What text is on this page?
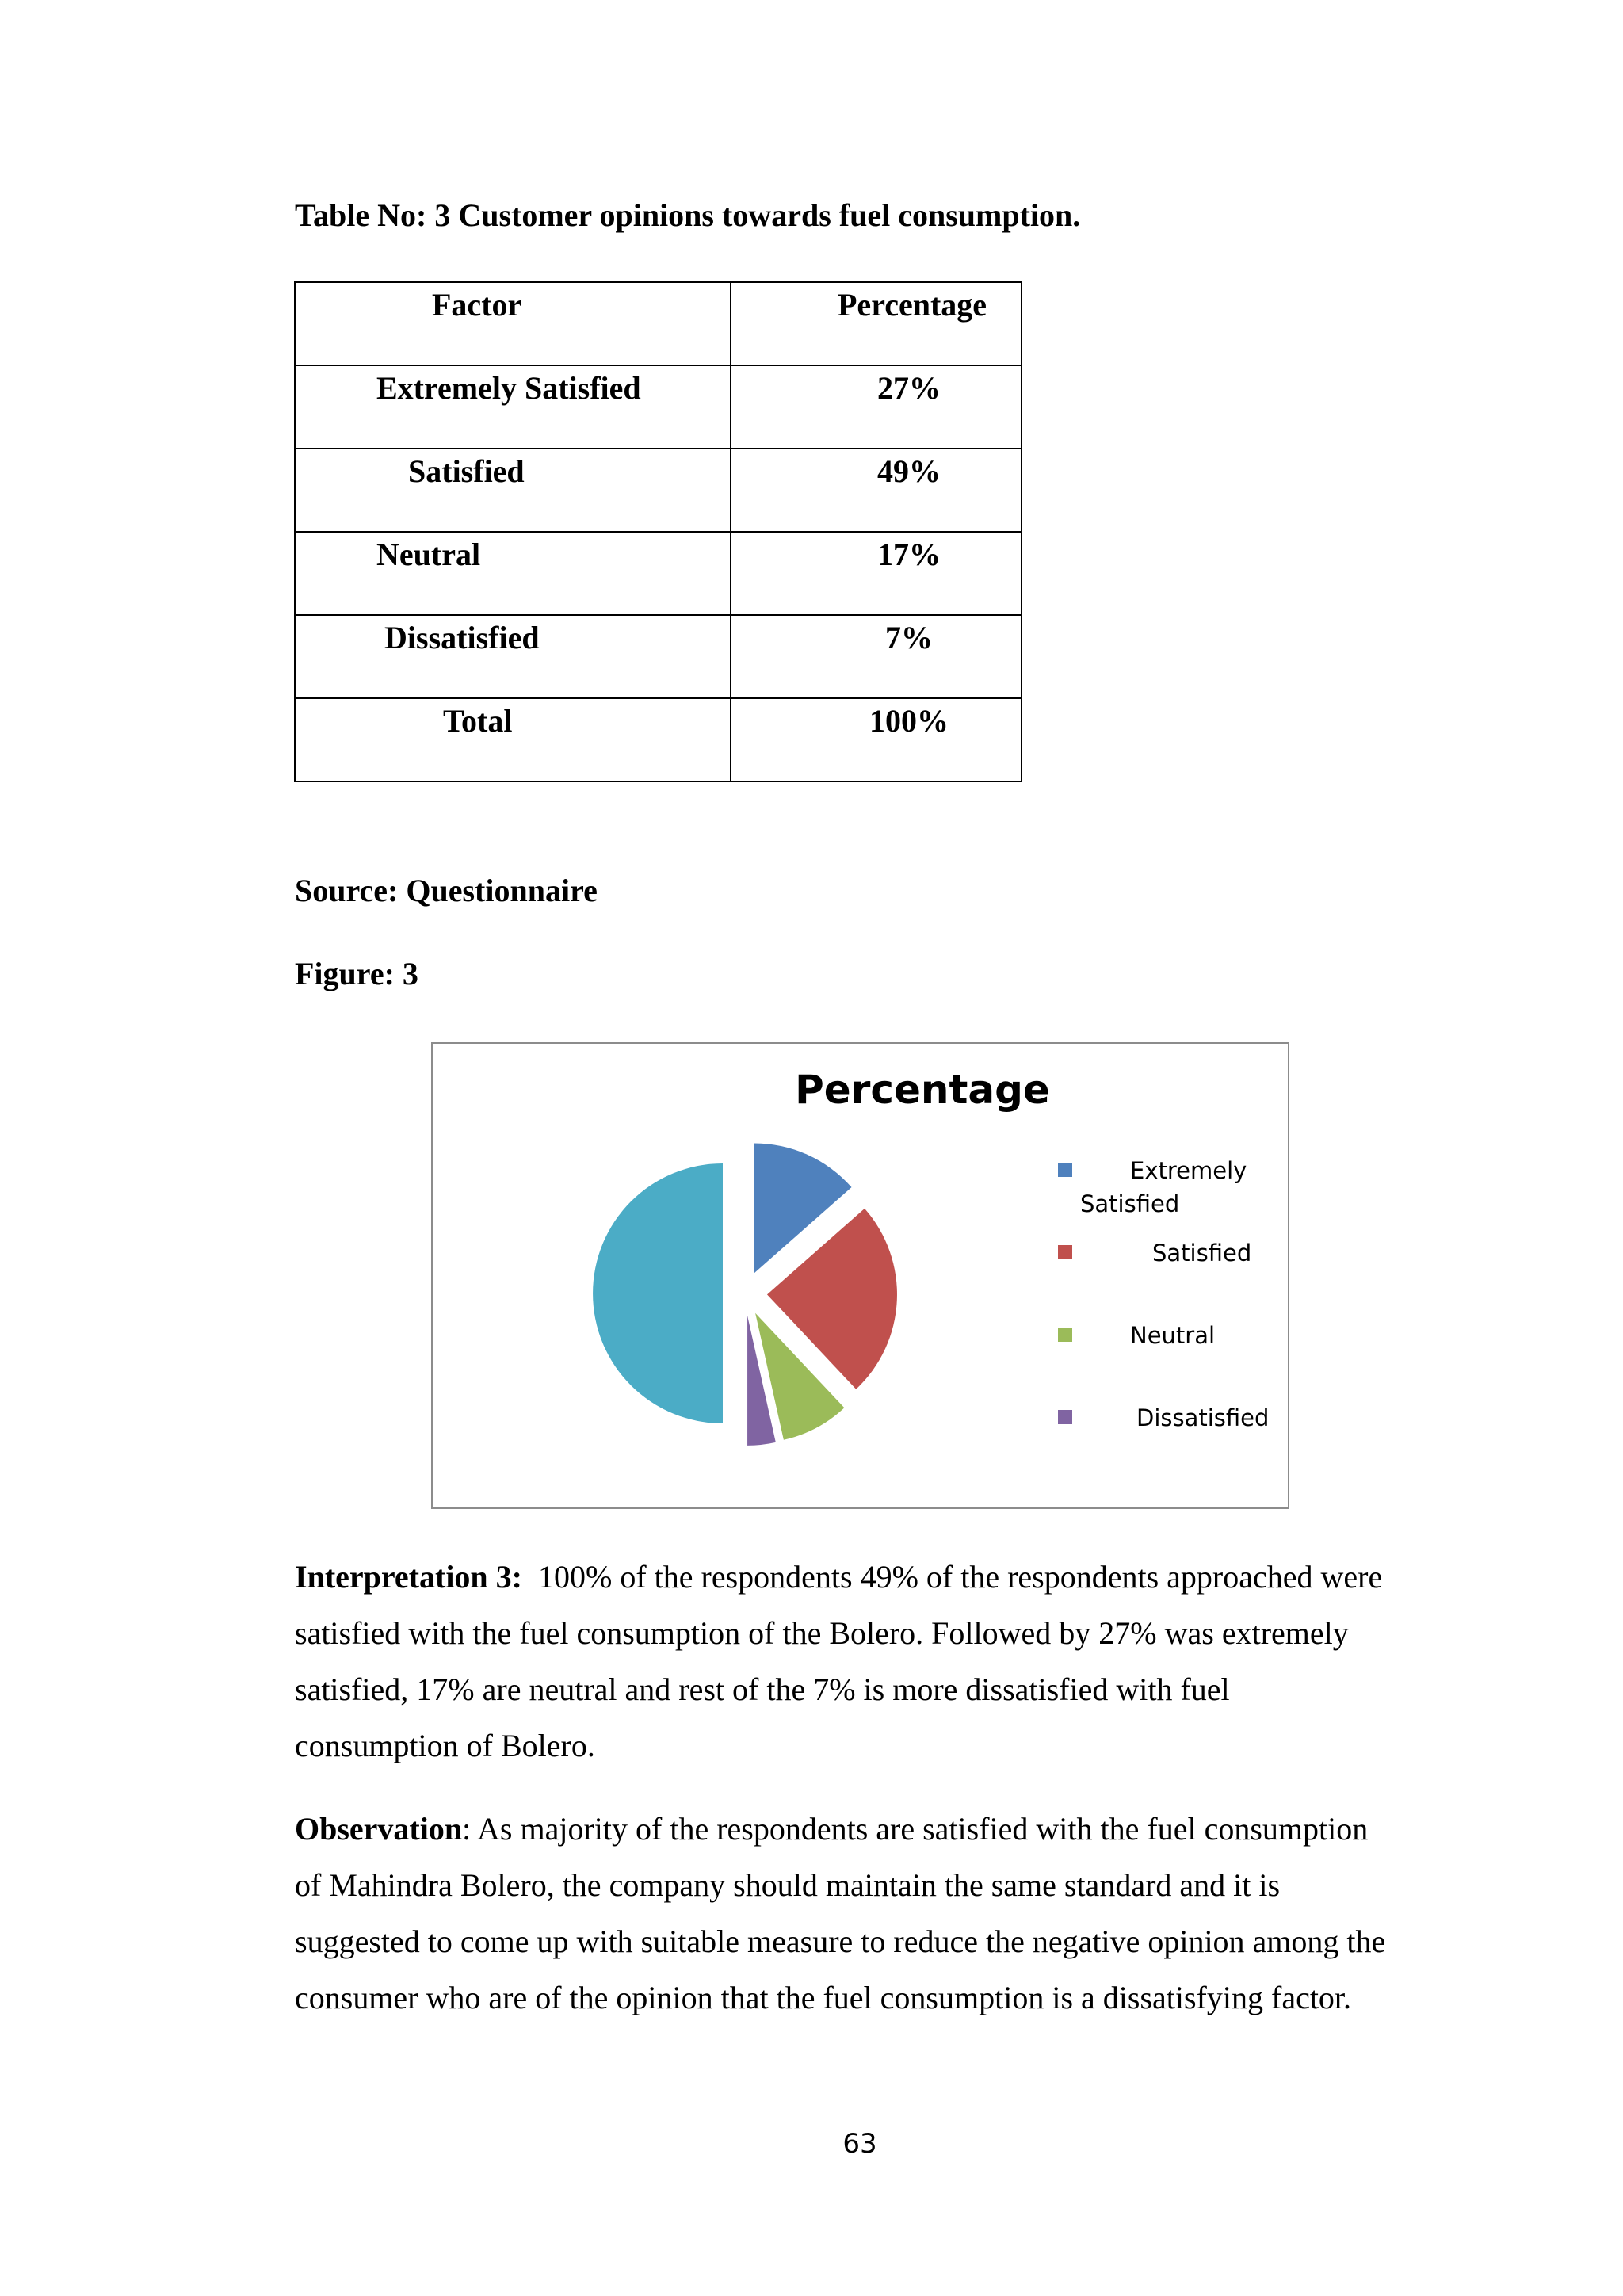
Table No: 3 Customer opinions towards fuel consumption.
Factor	Percentage

Extremely Satisfied	27%

Satisfied	49%

Neutral	17%

Dissatisfied	7%

Total	100%
Source: Questionnaire
Figure: 3
Percentage
Extremely
Satisfied
Satisfied
Neutral
Dissatisfied

Interpretation 3: 100% of the respondents 49% of the respondents approached were
satisfied with the fuel consumption of the Bolero. Followed by 27% was extremely
satisfied, 17% are neutral and rest of the 7% is more dissatisfied with fuel
consumption of Bolero.

Observation: As majority of the respondents are satisfied with the fuel consumption
of Mahindra Bolero, the company should maintain the same standard and it is
suggested to come up with suitable measure to reduce the negative opinion among the
consumer who are of the opinion that the fuel consumption is a dissatisfying factor.

63
